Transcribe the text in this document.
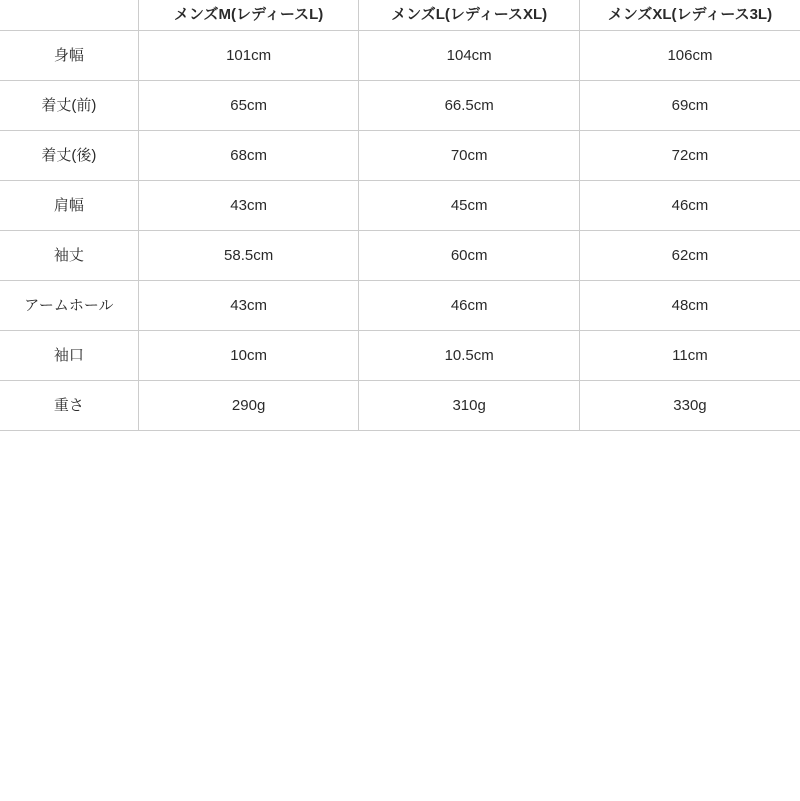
	メンズM(レディースL)	メンズL(レディースXL)	メンズXL(レディース3L)
身幅	101cm	104cm	106cm
着丈(前)	65cm	66.5cm	69cm
着丈(後)	68cm	70cm	72cm
肩幅	43cm	45cm	46cm
袖丈	58.5cm	60cm	62cm
アームホール	43cm	46cm	48cm
袖口	10cm	10.5cm	11cm
重さ	290g	310g	330g
